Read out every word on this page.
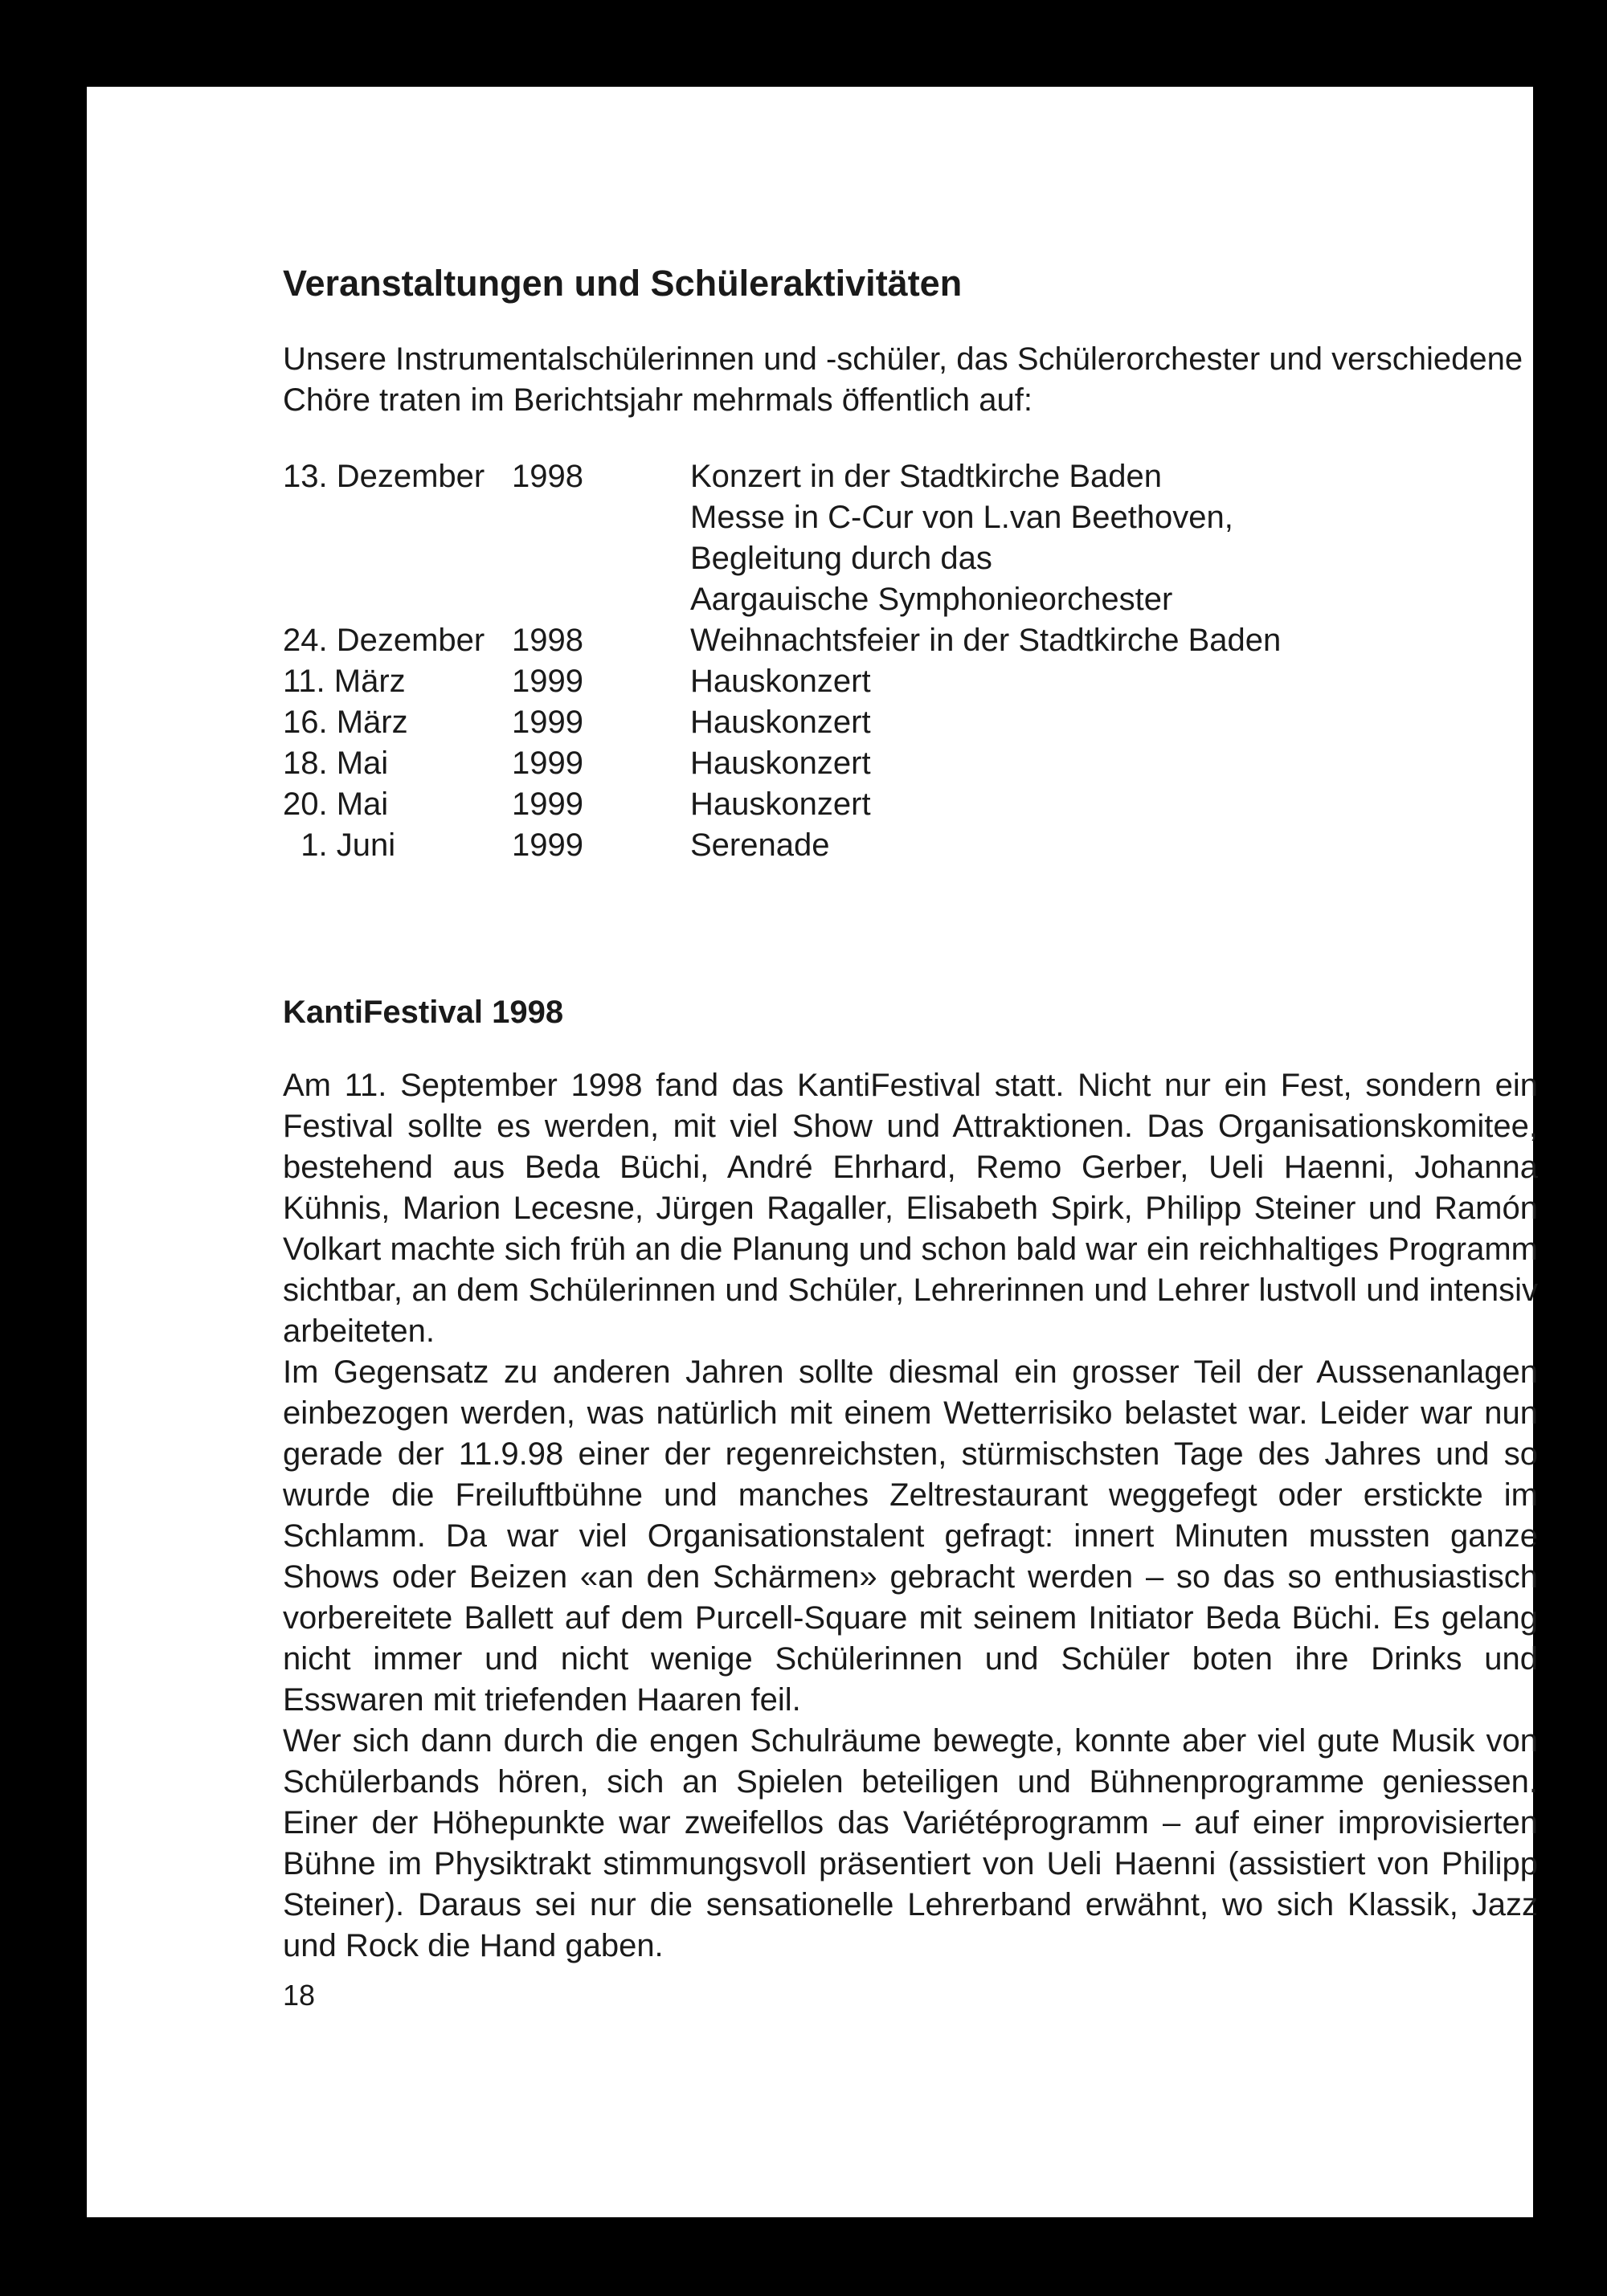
Veranstaltungen und Schüleraktivitäten

Unsere Instrumentalschülerinnen und -schüler, das Schülerorchester und verschiedene Chöre traten im Berichtsjahr mehrmals öffentlich auf:

13. Dezember 1998	Konzert in der Stadtkirche Baden
Messe in C-Cur von L.van Beethoven,
Begleitung durch das
Aargauische Symphonieorchester
24. Dezember 1998	Weihnachtsfeier in der Stadtkirche Baden
11. März	1999	Hauskonzert
16. März	1999	Hauskonzert
18. Mai	1999	Hauskonzert
20. Mai	1999	Hauskonzert
1. Juni	1999	Serenade
KantiFestival 1998

Am 11. September 1998 fand das KantiFestival statt. Nicht nur ein Fest, sondern ein Festival sollte es werden, mit viel Show und Attraktionen. Das Organisationskomitee, bestehend aus Beda Büchi, André Ehrhard, Remo Gerber, Ueli Haenni, Johanna Kühnis, Marion Lecesne, Jürgen Ragaller, Elisabeth Spirk, Philipp Steiner und Ramón Volkart machte sich früh an die Planung und schon bald war ein reichhaltiges Programm sichtbar, an dem Schülerinnen und Schüler, Lehrerinnen und Lehrer lustvoll und intensiv arbeiteten.

Im Gegensatz zu anderen Jahren sollte diesmal ein grosser Teil der Aussenanlagen einbezogen werden, was natürlich mit einem Wetterrisiko belastet war. Leider war nun gerade der 11.9.98 einer der regenreichsten, stürmischsten Tage des Jahres und so wurde die Freiluftbühne und manches Zeltrestaurant weggefegt oder erstickte im Schlamm. Da war viel Organisationstalent gefragt: innert Minuten mussten ganze Shows oder Beizen «an den Schärmen» gebracht werden – so das so enthusiastisch vorbereitete Ballett auf dem Purcell-Square mit seinem Initiator Beda Büchi. Es gelang nicht immer und nicht wenige Schülerinnen und Schüler boten ihre Drinks und Esswaren mit triefenden Haaren feil.

Wer sich dann durch die engen Schulräume bewegte, konnte aber viel gute Musik von Schülerbands hören, sich an Spielen beteiligen und Bühnenprogramme geniessen. Einer der Höhepunkte war zweifellos das Variétéprogramm – auf einer improvisierten Bühne im Physiktrakt stimmungsvoll präsentiert von Ueli Haenni (assistiert von Philipp Steiner). Daraus sei nur die sensationelle Lehrerband erwähnt, wo sich Klassik, Jazz und Rock die Hand gaben.

18
